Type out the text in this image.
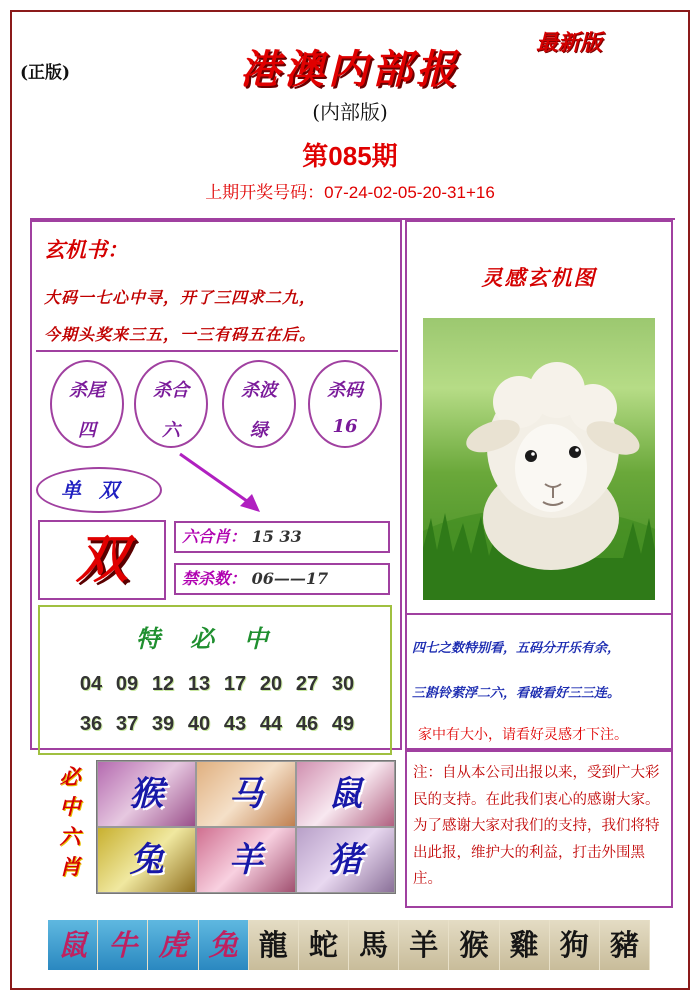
(正版)
最新版
港澳内部报
(内部版)
第085期
上期开奖号码：07-24-02-05-20-31+16
玄机书：
大码一七心中寻，开了三四求二九，
今期头奖来三五，一三有码五在后。
杀尾
四
杀合
六
杀波
绿
杀码
16
单双
双	六合肖： 15 33
禁杀数： 06——17
特必中
04 09 12 13 17 20 27 30
36 37 39 40 43 44 46 49
必
中
六
肖
猴	马	鼠
兔	羊	猪
灵感玄机图
四七之数特别看，五码分开乐有余，
三斟铃萦浮二六，看破看好三三连。
家中有大小，请看好灵感才下注。
注：自从本公司出报以来，受到广大彩民的支持。在此我们衷心的感谢大家。为了感谢大家对我们的支持，我们将特出此报，维护大的利益，打击外围黑庄。
鼠 牛 虎 兔 龍 蛇 馬 羊 猴 雞 狗 豬
